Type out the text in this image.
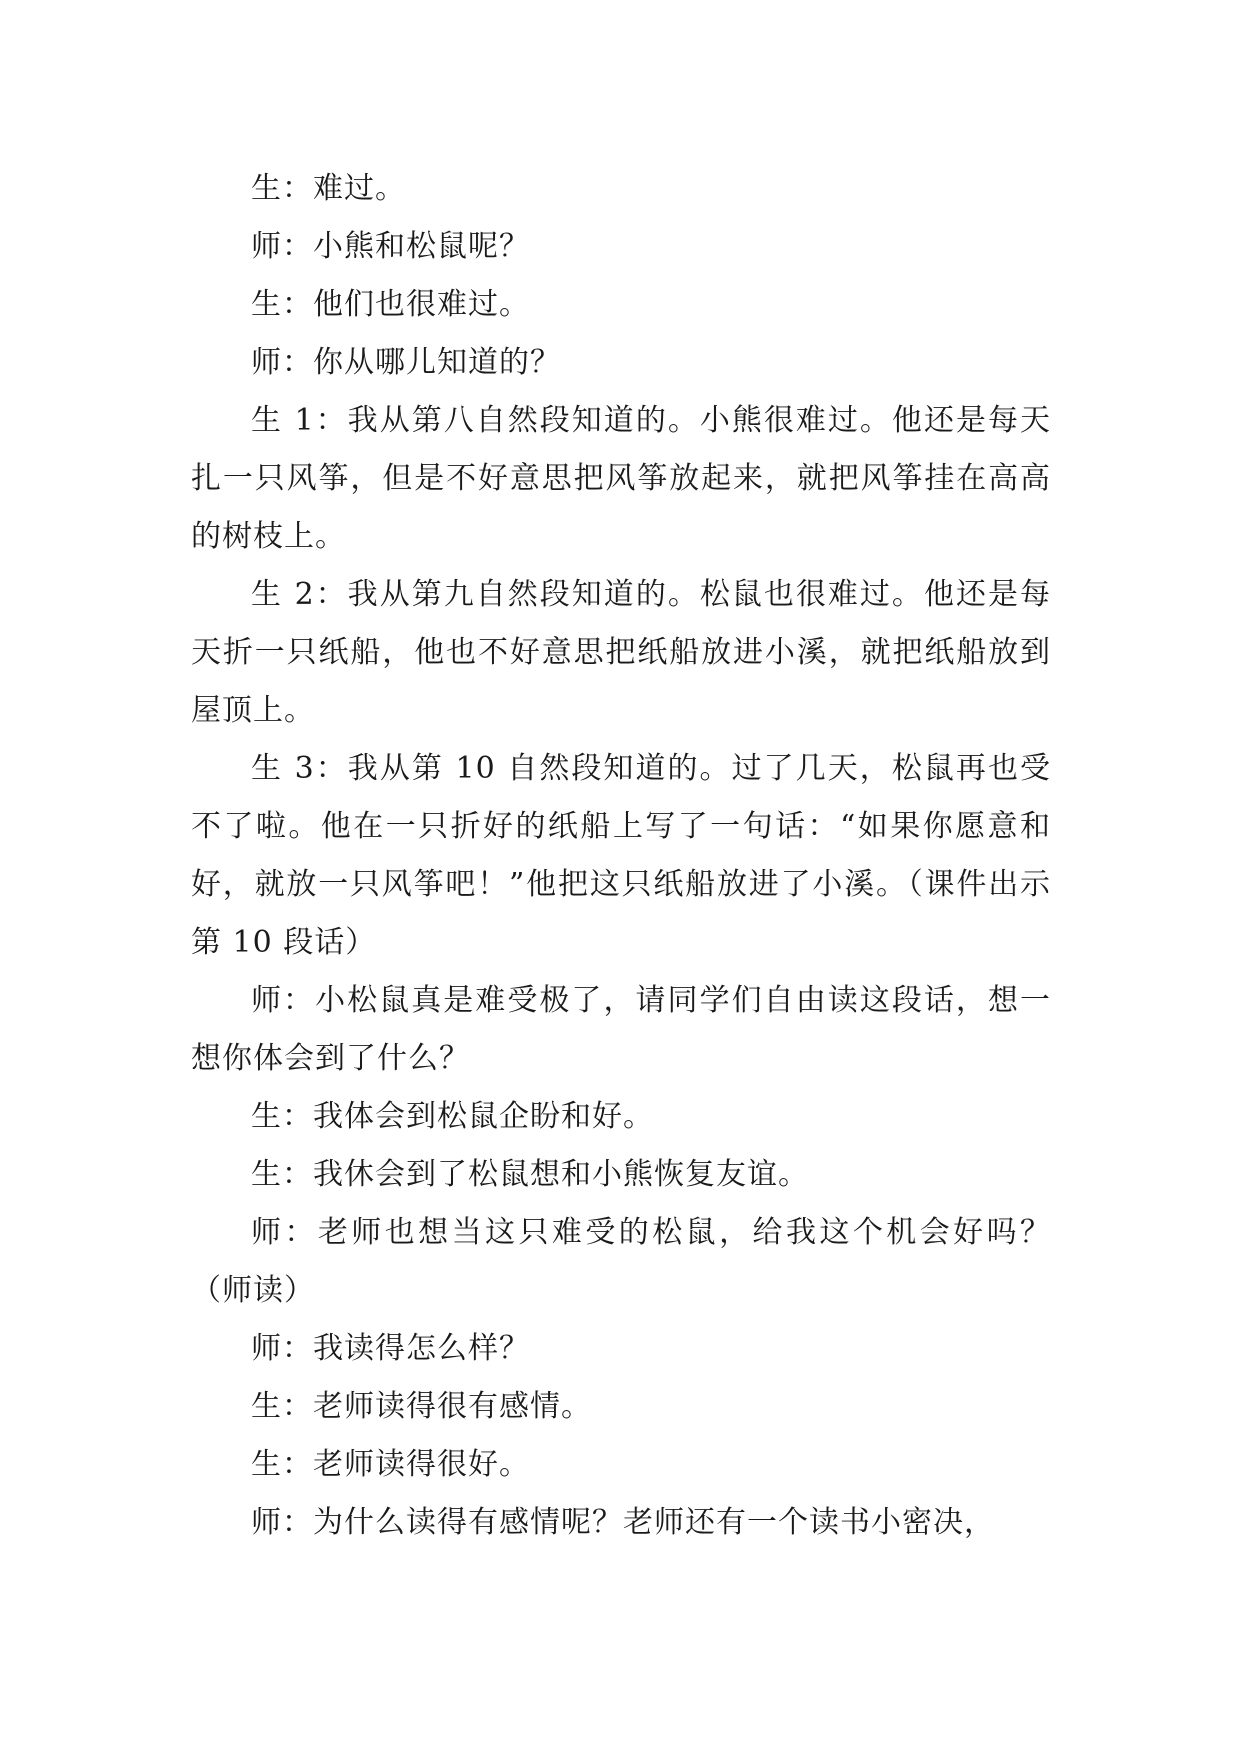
生：难过。

师：小熊和松鼠呢？

生：他们也很难过。

师：你从哪儿知道的？

生 1：我从第八自然段知道的。小熊很难过。他还是每天扎一只风筝，但是不好意思把风筝放起来，就把风筝挂在高高的树枝上。

生 2：我从第九自然段知道的。松鼠也很难过。他还是每天折一只纸船，他也不好意思把纸船放进小溪，就把纸船放到屋顶上。

生 3：我从第 10 自然段知道的。过了几天，松鼠再也受不了啦。他在一只折好的纸船上写了一句话：“如果你愿意和好，就放一只风筝吧！”他把这只纸船放进了小溪。（课件出示第 10 段话）

师：小松鼠真是难受极了，请同学们自由读这段话，想一想你体会到了什么？

生：我体会到松鼠企盼和好。

生：我休会到了松鼠想和小熊恢复友谊。

师：老师也想当这只难受的松鼠，给我这个机会好吗？（师读）

师：我读得怎么样？

生：老师读得很有感情。

生：老师读得很好。

师：为什么读得有感情呢？老师还有一个读书小密决，
